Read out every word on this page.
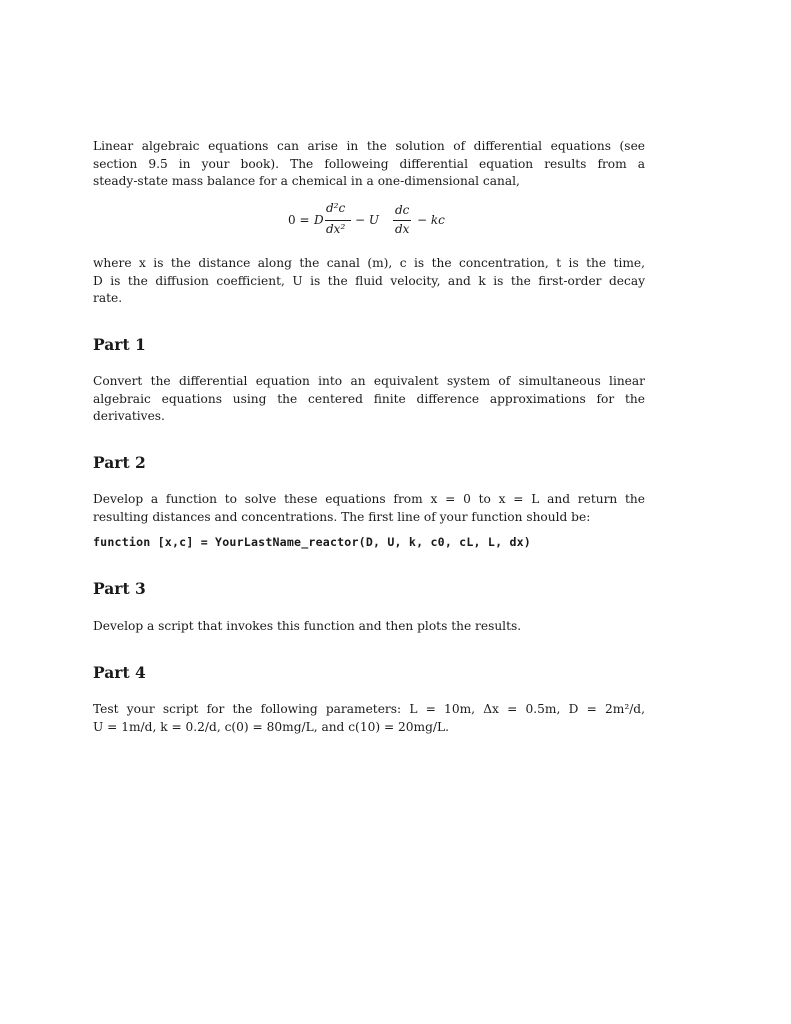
Linear algebraic equations can arise in the solution of differential equations (see
section 9.5 in your book). The followeing differential equation results from a
steady-state mass balance for a chemical in a one-dimensional canal,
0 = D
d²c
dx²
− U
dc
dx
− kc
where x is the distance along the canal (m), c is the concentration, t is the time,
D is the diffusion coefficient, U is the fluid velocity, and k is the first-order decay
rate.
Part 1
Convert the differential equation into an equivalent system of simultaneous linear
algebraic equations using the centered finite difference approximations for the
derivatives.
Part 2
Develop a function to solve these equations from x = 0 to x = L and return the
resulting distances and concentrations. The first line of your function should be:
function [x,c] = YourLastName_reactor(D, U, k, c0, cL, L, dx)
Part 3
Develop a script that invokes this function and then plots the results.
Part 4
Test your script for the following parameters: L = 10m, Δx = 0.5m, D = 2m²/d,
U = 1m/d, k = 0.2/d, c(0) = 80mg/L, and c(10) = 20mg/L.
